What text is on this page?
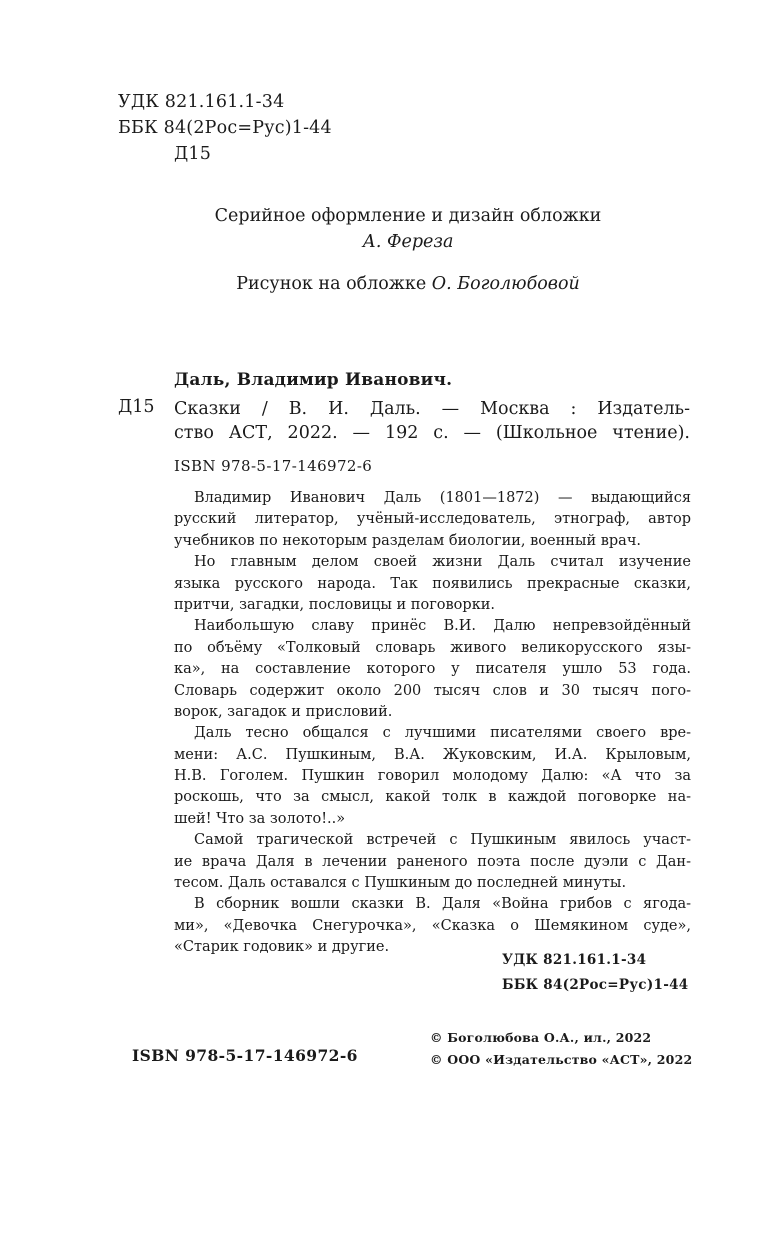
УДК 821.161.1-34
ББК 84(2Рос=Рус)1-44
Д15
Серийное оформление и дизайн обложки
А. Фереза
Рисунок на обложке О. Боголюбовой
Даль, Владимир Иванович.
Д15 Сказки / В. И. Даль. — Москва : Издатель-
ство АСТ, 2022. — 192 с. — (Школьное чтение).
ISBN 978-5-17-146972-6
Владимир Иванович Даль (1801—1872) — выдающийся
русский литератор, учёный-исследователь, этнограф, автор
учебников по некоторым разделам биологии, военный врач.
Но главным делом своей жизни Даль считал изучение
языка русского народа. Так появились прекрасные сказки,
притчи, загадки, пословицы и поговорки.
Наибольшую славу принёс В.И. Далю непревзойдённый
по объёму «Толковый словарь живого великорусского язы-
ка», на составление которого у писателя ушло 53 года.
Словарь содержит около 200 тысяч слов и 30 тысяч пого-
ворок, загадок и присловий.
Даль тесно общался с лучшими писателями своего вре-
мени: А.С. Пушкиным, В.А. Жуковским, И.А. Крыловым,
Н.В. Гоголем. Пушкин говорил молодому Далю: «А что за
роскошь, что за смысл, какой толк в каждой поговорке на-
шей! Что за золото!..»
Самой трагической встречей с Пушкиным явилось участ-
ие врача Даля в лечении раненого поэта после дуэли с Дан-
тесом. Даль оставался с Пушкиным до последней минуты.
В сборник вошли сказки В. Даля «Война грибов с ягода-
ми», «Девочка Снегурочка», «Сказка о Шемякином суде»,
«Старик годовик» и другие.
УДК 821.161.1-34
ББК 84(2Рос=Рус)1-44
ISBN 978-5-17-146972-6
© Боголюбова О.А., ил., 2022
© ООО «Издательство «АСТ», 2022
